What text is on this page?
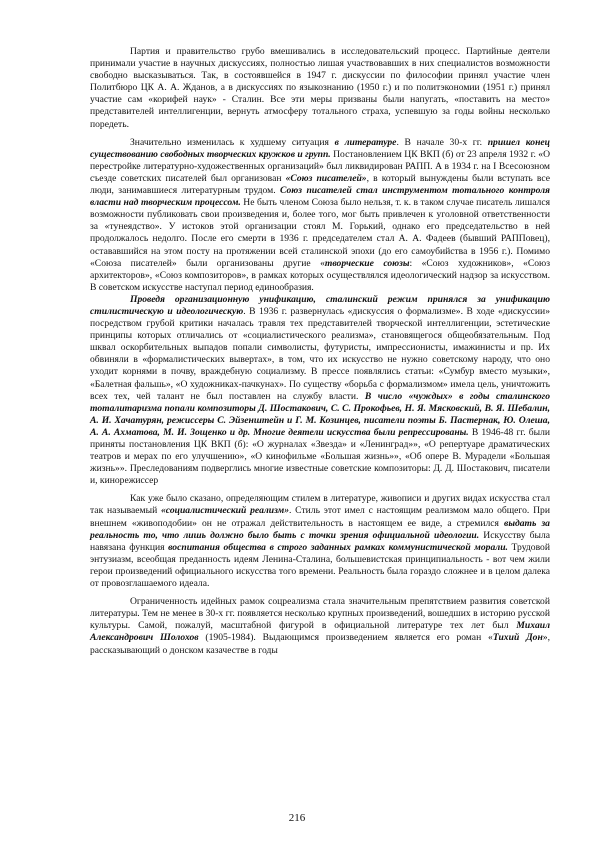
Партия и правительство грубо вмешивались в исследовательский процесс. Партийные деятели принимали участие в научных дискуссиях, полностью лишая участвовавших в них специалистов возможности свободно высказываться. Так, в состоявшейся в 1947 г. дискуссии по философии принял участие член Политбюро ЦК А. А. Жданов, а в дискуссиях по языкознанию (1950 г.) и по политэкономии (1951 г.) принял участие сам «корифей наук» - Сталин. Все эти меры призваны были напугать, «поставить на место» представителей интеллигенции, вернуть атмосферу тотального страха, успевшую за годы войны несколько поредеть.

Значительно изменилась к худшему ситуация в литературе. В начале 30-х гг. пришел конец существованию свободных творческих кружков и групп. Постановлением ЦК ВКП (б) от 23 апреля 1932 г. «О перестройке литературно-художественных организаций» был ликвидирован РАПП. А в 1934 г. на I Всесоюзном съезде советских писателей был организован «Союз писателей», в который вынуждены были вступать все люди, занимавшиеся литературным трудом. Союз писателей стал инструментом тотального контроля власти над творческим процессом. Не быть членом Союза было нельзя, т. к. в таком случае писатель лишался возможности публиковать свои произведения и, более того, мог быть привлечен к уголовной ответственности за «тунеядство». У истоков этой организации стоял М. Горький, однако его председательство в ней продолжалось недолго. После его смерти в 1936 г. председателем стал А. А. Фадеев (бывший РАППовец), остававшийся на этом посту на протяжении всей сталинской эпохи (до его самоубийства в 1956 г.). Помимо «Союза писателей» были организованы другие «творческие союзы: «Союз художников», «Союз архитекторов», «Союз композиторов», в рамках которых осуществлялся идеологический надзор за искусством. В советском искусстве наступал период единообразия.

Проведя организационную унификацию, сталинский режим принялся за унификацию стилистическую и идеологическую. В 1936 г. развернулась «дискуссия о формализме». В ходе «дискуссии» посредством грубой критики началась травля тех представителей творческой интеллигенции, эстетические принципы которых отличались от «социалистического реализма», становящегося общеобязательным. Под шквал оскорбительных выпадов попали символисты, футуристы, импрессионисты, имажинисты и пр. Их обвиняли в «формалистических вывертах», в том, что их искусство не нужно советскому народу, что оно уходит корнями в почву, враждебную социализму. В прессе появлялись статьи: «Сумбур вместо музыки», «Балетная фальшь», «О художниках-пачкунах». По существу «борьба с формализмом» имела цель, уничтожить всех тех, чей талант не был поставлен на службу власти. В число «чуждых» в годы сталинского тоталитаризма попали композиторы Д. Шостакович, С. С. Прокофьев, Н. Я. Мясковский, В. Я. Шебалин, А. И. Хачатурян, режиссеры С. Эйзенштейн и Г. М. Козинцев, писатели поэты Б. Пастернак, Ю. Олеша, А. А. Ахматова, М. И. Зощенко и др. Многие деятели искусства были репрессированы. В 1946-48 гг. были приняты постановления ЦК ВКП (б): «О журналах «Звезда» и «Ленинград»», «О репертуаре драматических театров и мерах по его улучшению», «О кинофильме «Большая жизнь»», «Об опере В. Мурадели «Большая жизнь»». Преследованиям подверглись многие известные советские композиторы: Д. Д. Шостакович, писатели и, кинорежиссер

Как уже было сказано, определяющим стилем в литературе, живописи и других видах искусства стал так называемый «социалистический реализм». Стиль этот имел с настоящим реализмом мало общего. При внешнем «живоподобии» он не отражал действительность в настоящем ее виде, а стремился выдать за реальность то, что лишь должно было быть с точки зрения официальной идеологии. Искусству была навязана функция воспитания общества в строго заданных рамках коммунистической морали. Трудовой энтузиазм, всеобщая преданность идеям Ленина-Сталина, большевистская принципиальность - вот чем жили герои произведений официального искусства того времени. Реальность была гораздо сложнее и в целом далека от провозглашаемого идеала.

Ограниченность идейных рамок соцреализма стала значительным препятствием развития советской литературы. Тем не менее в 30-х гг. появляется несколько крупных произведений, вошедших в историю русской культуры. Самой, пожалуй, масштабной фигурой в официальной литературе тех лет был Михаил Александрович Шолохов (1905-1984). Выдающимся произведением является его роман «Тихий Дон», рассказывающий о донском казачестве в годы

216
